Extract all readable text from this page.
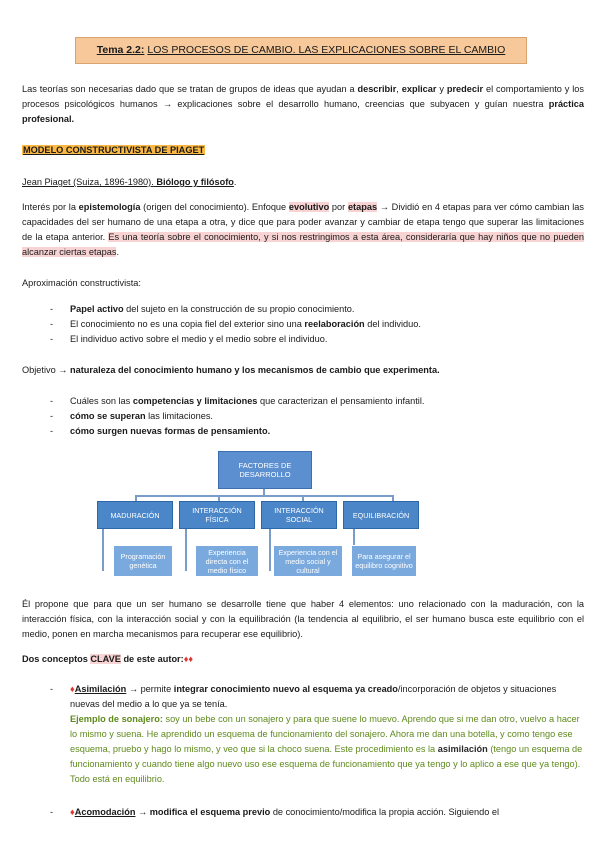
Tema 2.2: LOS PROCESOS DE CAMBIO. LAS EXPLICACIONES SOBRE EL CAMBIO
Las teorías son necesarias dado que se tratan de grupos de ideas que ayudan a describir, explicar y predecir el comportamiento y los procesos psicológicos humanos → explicaciones sobre el desarrollo humano, creencias que subyacen y guían nuestra práctica profesional.
MODELO CONSTRUCTIVISTA DE PIAGET
Jean Piaget (Suiza, 1896-1980). Biólogo y filósofo.
Interés por la epistemología (origen del conocimiento). Enfoque evolutivo por etapas → Dividió en 4 etapas para ver cómo cambian las capacidades del ser humano de una etapa a otra, y dice que para poder avanzar y cambiar de etapa tengo que superar las limitaciones de la etapa anterior. Es una teoría sobre el conocimiento, y si nos restringimos a esta área, consideraría que hay niños que no pueden alcanzar ciertas etapas.
Aproximación constructivista:
- Papel activo del sujeto en la construcción de su propio conocimiento.
- El conocimiento no es una copia fiel del exterior sino una reelaboración del individuo.
- El individuo activo sobre el medio y el medio sobre el individuo.
Objetivo → naturaleza del conocimiento humano y los mecanismos de cambio que experimenta.
- Cuáles son las competencias y limitaciones que caracterizan el pensamiento infantil.
- cómo se superan las limitaciones.
- cómo surgen nuevas formas de pensamiento.
FACTORES DE DESARROLLO
MADURACIÓN	INTERACCIÓN FÍSICA
INTERACCIÓN SOCIAL	EQUILIBRACIÓN
Programación genética
Experiencia directa con el medio físico
Experiencia con el medio social y cultural
Para asegurar el equilibro cognitivo
Él propone que para que un ser humano se desarrolle tiene que haber 4 elementos: uno relacionado con la maduración, con la interacción física, con la interacción social y con la equilibración (la tendencia al equilibrio, el ser humano busca este equilibrio con el medio, ponen en marcha mecanismos para recuperar ese equilibrio).
Dos conceptos CLAVE de este autor:♦♦
- ♦Asimilación → permite integrar conocimiento nuevo al esquema ya creado/incorporación de objetos y situaciones nuevas del medio a lo que ya se tenía.
Ejemplo de sonajero: soy un bebe con un sonajero y para que suene lo muevo. Aprendo que si me dan otro, vuelvo a hacer lo mismo y suena. He aprendido un esquema de funcionamiento del sonajero. Ahora me dan una botella, y como tengo ese esquema, pruebo y hago lo mismo, y veo que si la choco suena. Este procedimiento es la asimilación (tengo un esquema de funcionamiento y cuando tiene algo nuevo uso ese esquema de funcionamiento que ya tengo y lo aplico a ese que ya tengo). Todo está en equilibrio.
- ♦Acomodación → modifica el esquema previo de conocimiento/modifica la propia acción. Siguiendo el
